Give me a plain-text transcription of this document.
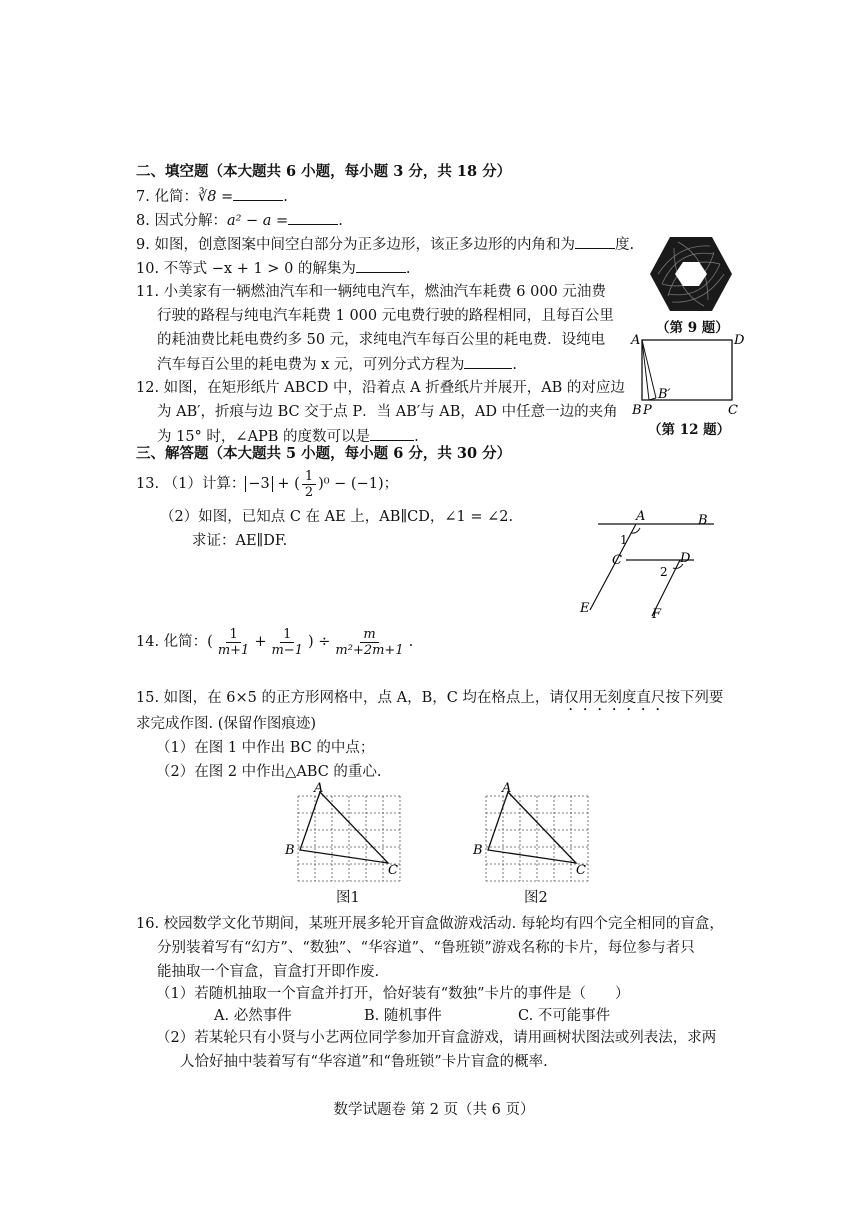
二、填空题（本大题共 6 小题，每小题 3 分，共 18 分）
7. 化简：∛8 =	.
8. 因式分解：a² − a =	.
9. 如图，创意图案中间空白部分为正多边形，该正多边形的内角和为	度.
10. 不等式 −x + 1 > 0 的解集为	.
11. 小美家有一辆燃油汽车和一辆纯电汽车，燃油汽车耗费 6 000 元油费
行驶的路程与纯电汽车耗费 1 000 元电费行驶的路程相同，且每百公里
的耗油费比耗电费约多 50 元，求纯电汽车每百公里的耗电费．设纯电
汽车每百公里的耗电费为 x 元，可列分式方程为	.
12. 如图，在矩形纸片 ABCD 中，沿着点 A 折叠纸片并展开，AB 的对应边
为 AB′，折痕与边 BC 交于点 P．当 AB′与 AB，AD 中任意一边的夹角
为 15° 时，∠APB 的度数可以是	.
（第 9 题）
A	D
B P
B′
C
（第 12 题）
三、解答题（本大题共 5 小题，每小题 6 分，共 30 分）
13. （1）计算： −3 + ( $\frac{1}{2} )^0 - (-1)$；
（2）如图，已知点 C 在 AE 上，AB∥CD，∠1 = ∠2.
求证：AE∥DF.
A	B
1
C	D
2
E	F
14. 化简：( $\frac{1}{m+1} + \frac{1}{m-1}$ ) ÷ $\frac{m}{\text{m²+2m+1}}$ .
15. 如图，在 6×5 的正方形网格中，点 A，B，C 均在格点上，请仅用无刻度直尺按下列要
求完成作图. (保留作图痕迹)
（1）在图 1 中作出 BC 的中点；
（2）在图 2 中作出△ABC 的重心.
A
B
C
图1
A
B
C
图2
16. 校园数学文化节期间，某班开展多轮开盲盒做游戏活动. 每轮均有四个完全相同的盲盒，
分别装着写有“幻方”、“数独”、“华容道”、“鲁班锁”游戏名称的卡片，每位参与者只
能抽取一个盲盒，盲盒打开即作废.
（1）若随机抽取一个盲盒并打开，恰好装有“数独”卡片的事件是（　　）
A. 必然事件	B. 随机事件	C. 不可能事件
（2）若某轮只有小贤与小艺两位同学参加开盲盒游戏，请用画树状图法或列表法，求两
人恰好抽中装着写有“华容道”和“鲁班锁”卡片盲盒的概率.
数学试题卷 第 2 页（共 6 页）
